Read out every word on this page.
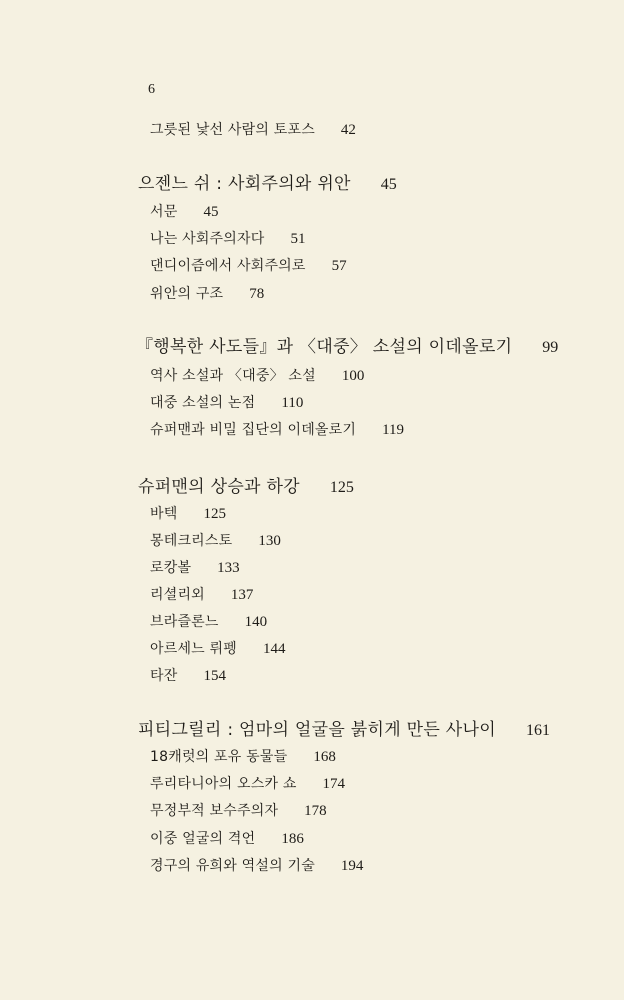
6
그릇된 낯선 사람의 토포스 42
으젠느 쉬 : 사회주의와 위안 45
서문 45
나는 사회주의자다 51
댄디이즘에서 사회주의로 57
위안의 구조 78
『행복한 사도들』과 〈대중〉 소설의 이데올로기 99
역사 소설과 〈대중〉 소설 100
대중 소설의 논점 110
슈퍼맨과 비밀 집단의 이데올로기 119
슈퍼맨의 상승과 하강 125
바텍 125
몽테크리스토 130
로캉볼 133
리셜리외 137
브라즐론느 140
아르세느 뤼펭 144
타잔 154
피티그릴리 : 엄마의 얼굴을 붉히게 만든 사나이 161
18캐럿의 포유 동물들 168
루리타니아의 오스카 쇼 174
무정부적 보수주의자 178
이중 얼굴의 격언 186
경구의 유희와 역설의 기술 194
